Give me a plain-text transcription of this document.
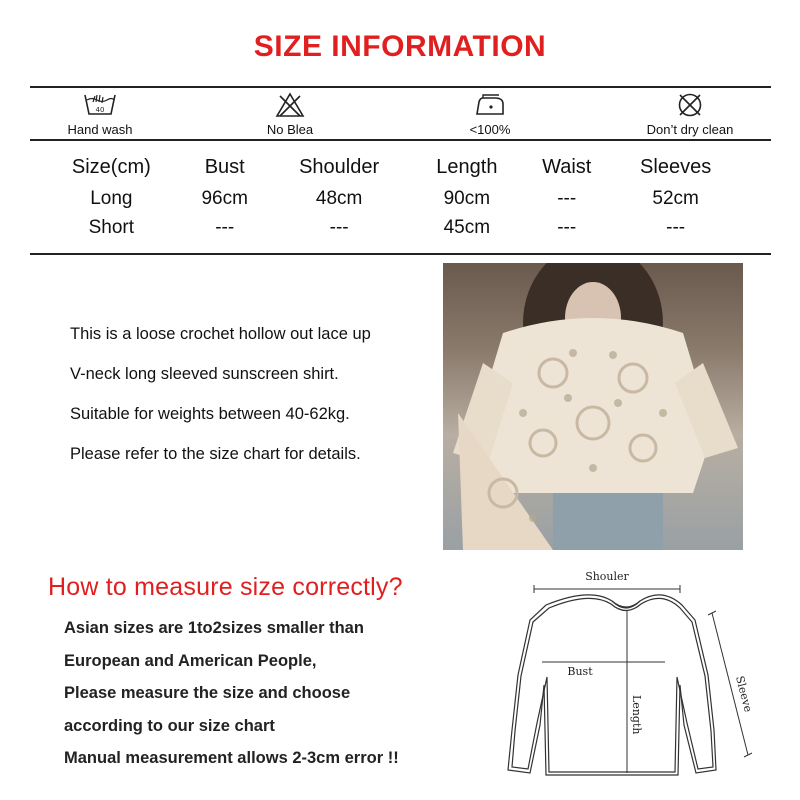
SIZE INFORMATION
40
Hand wash	No Blea	<100%	Don’t dry clean
Size(cm)	Bust	Shoulder	Length	Waist	Sleeves
Long	96cm	48cm	90cm	---	52cm
Short	---	---	45cm	---	---

This is a loose crochet hollow out lace up

V-neck long sleeved sunscreen shirt.

Suitable for weights between 40-62kg.

Please refer to the size chart for details.

How to measure size correctly?

Asian sizes are 1to2sizes smaller than

European and American People,

Please measure the size and choose

according to our size chart

Manual measurement allows 2-3cm error !!

Shouler
Bust
Length
Sleeve
